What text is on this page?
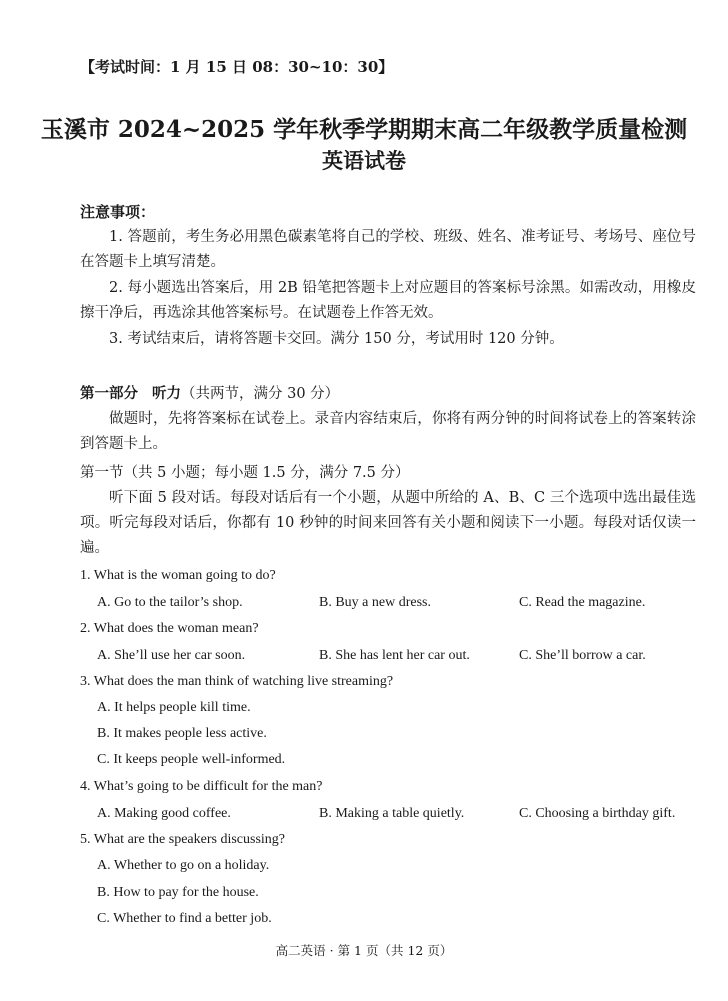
【考试时间：1 月 15 日 08：30~10：30】
玉溪市 2024~2025 学年秋季学期期末高二年级教学质量检测
英语试卷
注意事项：

1. 答题前，考生务必用黑色碳素笔将自己的学校、班级、姓名、准考证号、考场号、座位号在答题卡上填写清楚。

2. 每小题选出答案后，用 2B 铅笔把答题卡上对应题目的答案标号涂黑。如需改动，用橡皮擦干净后，再选涂其他答案标号。在试题卷上作答无效。

3. 考试结束后，请将答题卡交回。满分 150 分，考试用时 120 分钟。

第一部分 听力（共两节，满分 30 分）

做题时，先将答案标在试卷上。录音内容结束后，你将有两分钟的时间将试卷上的答案转涂到答题卡上。

第一节（共 5 小题；每小题 1.5 分，满分 7.5 分）

听下面 5 段对话。每段对话后有一个小题，从题中所给的 A、B、C 三个选项中选出最佳选项。听完每段对话后，你都有 10 秒钟的时间来回答有关小题和阅读下一小题。每段对话仅读一遍。

1. What is the woman going to do?
A. Go to the tailor’s shop.	B. Buy a new dress.	C. Read the magazine.
2. What does the woman mean?
A. She’ll use her car soon.	B. She has lent her car out.	C. She’ll borrow a car.
3. What does the man think of watching live streaming?
A. It helps people kill time.
B. It makes people less active.
C. It keeps people well-informed.
4. What’s going to be difficult for the man?
A. Making good coffee.	B. Making a table quietly.	C. Choosing a birthday gift.
5. What are the speakers discussing?
A. Whether to go on a holiday.
B. How to pay for the house.
C. Whether to find a better job.
高二英语 · 第 1 页（共 12 页）
